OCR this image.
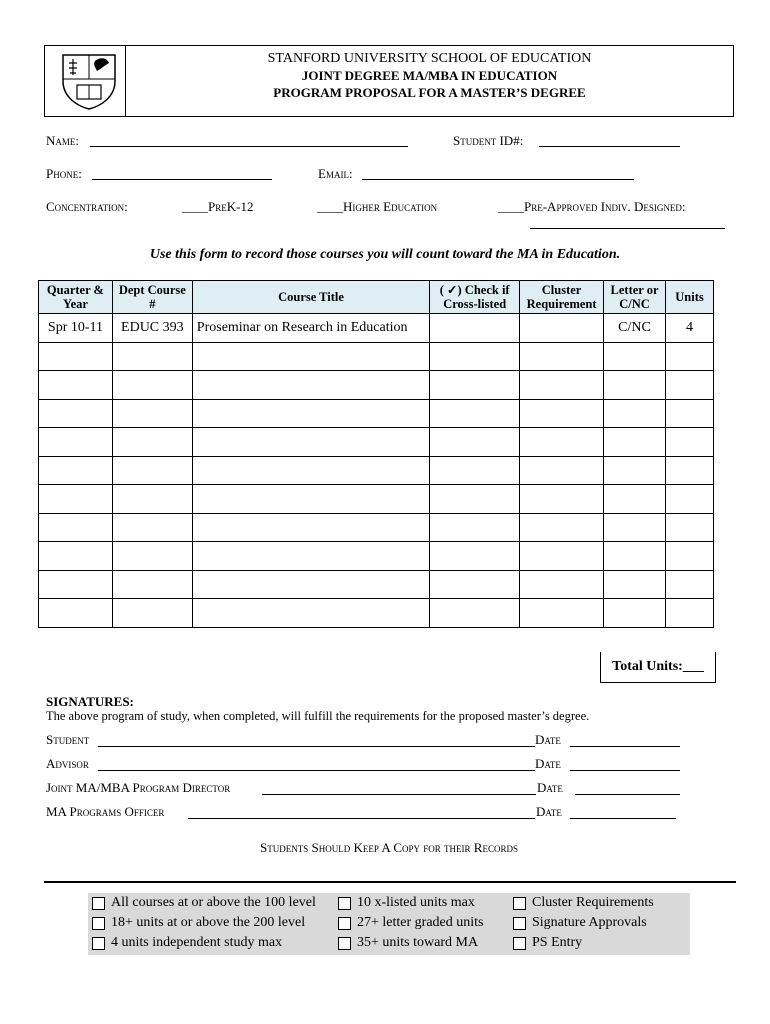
STANFORD UNIVERSITY SCHOOL OF EDUCATION
JOINT DEGREE MA/MBA IN EDUCATION
PROGRAM PROPOSAL FOR A MASTER’S DEGREE
Name:	Student ID#:
Phone:	Email:
Concentration:	____PreK-12	____Higher Education	____Pre-Approved Indiv. Designed:
Use this form to record those courses you will count toward the MA in Education.
Quarter & Year	Dept Course #	Course Title	( ✓) Check if Cross-listed	Cluster Requirement	Letter or C/NC	Units
Spr 10-11	EDUC 393	Proseminar on Research in Education			C/NC	4

Total Units:___
SIGNATURES:
The above program of study, when completed, will fulfill the requirements for the proposed master’s degree.
Student	Date
Advisor	Date
Joint MA/MBA Program Director	Date
MA Programs Officer	Date
Students Should Keep A Copy for their Records
All courses at or above the 100 level
18+ units at or above the 200 level
4 units independent study max
10 x-listed units max
27+ letter graded units
35+ units toward MA
Cluster Requirements
Signature Approvals
PS Entry
